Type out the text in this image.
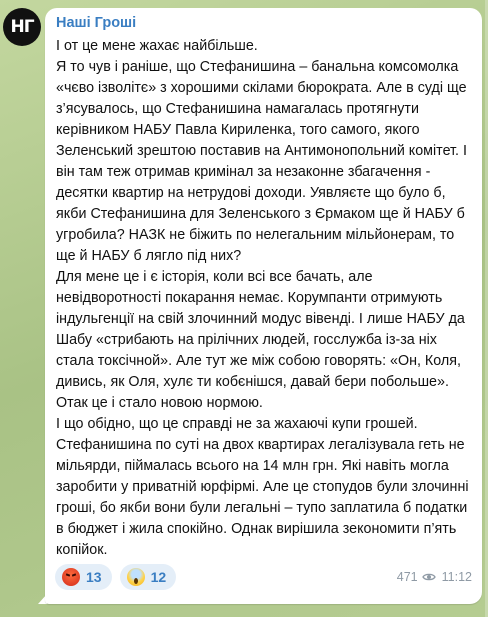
НГ Наші Гроші

І от це мене жахає найбільше.

Я то чув і раніше, що Стефанишина – банальна комсомолка «чєво ізволітє» з хорошими скілами бюрократа. Але в суді ще з’ясувалось, що Стефанишина намагалась протягнути керівником НАБУ Павла Кириленка, того самого, якого Зеленський зрештою поставив на Антимонопольний комітет. І він там теж отримав кримінал за незаконне збагачення - десятки квартир на нетрудові доходи. Уявляєте що було б, якби Стефанишина для Зеленського з Єрмаком ще й НАБУ б угробила? НАЗК не біжить по нелегальним мільйонерам, то ще й НАБУ б лягло під них?

Для мене це і є історія, коли всі все бачать, але невідворотності покарання немає. Корумпанти отримують індульгенції на свій злочинний модус вівенді. І лише НАБУ да Шабу «стрибають на прілічних людей, госслужба із-за ніх стала токсічной». Але тут же між собою говорять: «Он, Коля, дивись, як Оля, хулє ти кобєнішся, давай бери побольше».

Отак це і стало новою нормою.

І що обідно, що це справді не за жахаючі купи грошей. Стефанишина по суті на двох квартирах легалізувала геть не мільярди, піймалась всього на 14 млн грн. Які навіть могла заробити у приватній юрфірмі. Але це стопудов були злочинні гроші, бо якби вони були легальні – тупо заплатила б податки в бюджет і жила спокійно. Однак вирішила зекономити п’ять копійок.

13	12	471 11:12
